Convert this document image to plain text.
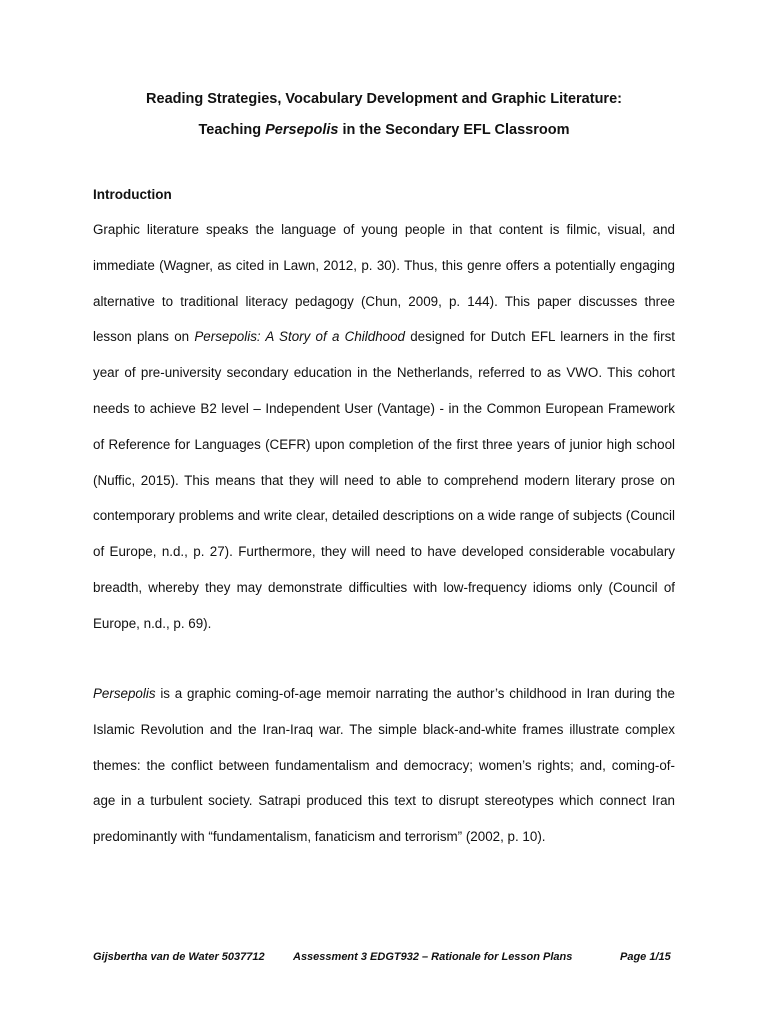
Reading Strategies, Vocabulary Development and Graphic Literature:
Teaching Persepolis in the Secondary EFL Classroom
Introduction

Graphic literature speaks the language of young people in that content is filmic, visual, and immediate (Wagner, as cited in Lawn, 2012, p. 30). Thus, this genre offers a potentially engaging alternative to traditional literacy pedagogy (Chun, 2009, p. 144). This paper discusses three lesson plans on Persepolis: A Story of a Childhood designed for Dutch EFL learners in the first year of pre-university secondary education in the Netherlands, referred to as VWO. This cohort needs to achieve B2 level – Independent User (Vantage) - in the Common European Framework of Reference for Languages (CEFR) upon completion of the first three years of junior high school (Nuffic, 2015). This means that they will need to able to comprehend modern literary prose on contemporary problems and write clear, detailed descriptions on a wide range of subjects (Council of Europe, n.d., p. 27). Furthermore, they will need to have developed considerable vocabulary breadth, whereby they may demonstrate difficulties with low-frequency idioms only (Council of Europe, n.d., p. 69).

Persepolis is a graphic coming-of-age memoir narrating the author’s childhood in Iran during the Islamic Revolution and the Iran-Iraq war. The simple black-and-white frames illustrate complex themes: the conflict between fundamentalism and democracy; women’s rights; and, coming-of-age in a turbulent society. Satrapi produced this text to disrupt stereotypes which connect Iran predominantly with “fundamentalism, fanaticism and terrorism” (2002, p. 10).

Gijsbertha van de Water 5037712	Assessment 3 EDGT932 – Rationale for Lesson Plans	Page 1/15
